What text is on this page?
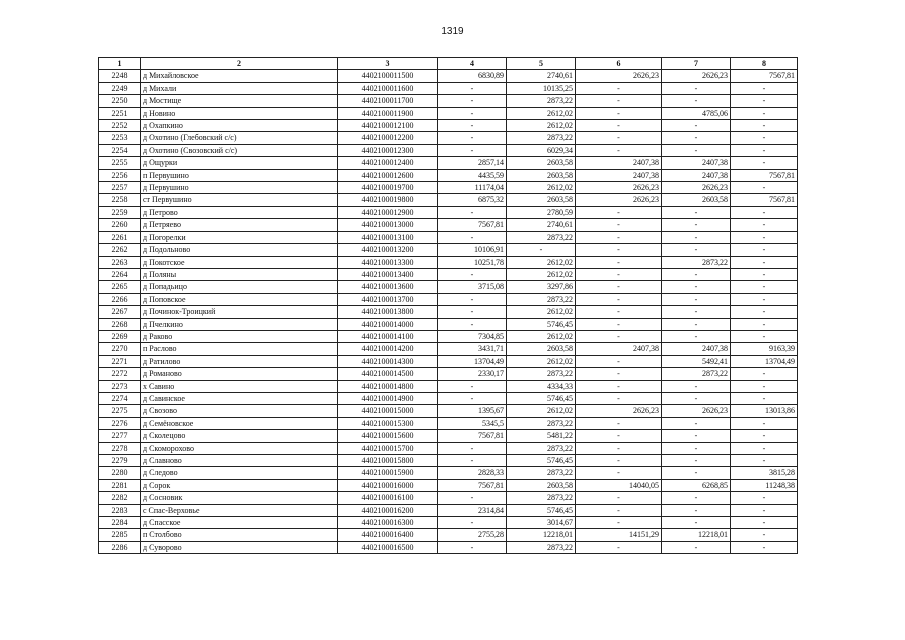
1319
1	2	3	4	5	6	7	8
2248	д Михайловское	4402100011500	6830,89	2740,61	2626,23	2626,23	7567,81
2249	д Михали	4402100011600	-	10135,25	-	-	-
2250	д Мостище	4402100011700	-	2873,22	-	-	-
2251	д Новино	4402100011900	-	2612,02	-	4785,06	-
2252	д Охапкино	4402100012100	-	2612,02	-	-	-
2253	д Охотино (Глебовский с/с)	4402100012200	-	2873,22	-	-	-
2254	д Охотино (Свозовский с/с)	4402100012300	-	6029,34	-	-	-
2255	д Ощурки	4402100012400	2857,14	2603,58	2407,38	2407,38	-
2256	п Первушино	4402100012600	4435,59	2603,58	2407,38	2407,38	7567,81
2257	д Первушино	4402100019700	11174,04	2612,02	2626,23	2626,23	-
2258	ст Первушино	4402100019800	6875,32	2603,58	2626,23	2603,58	7567,81
2259	д Петрово	4402100012900	-	2780,59	-	-	-
2260	д Петряево	4402100013000	7567,81	2740,61	-	-	-
2261	д Погорелки	4402100013100	-	2873,22	-	-	-
2262	д Подольново	4402100013200	10106,91	-	-	-	-
2263	д Покотское	4402100013300	10251,78	2612,02	-	2873,22	-
2264	д Поляны	4402100013400	-	2612,02	-	-	-
2265	д Попадьицо	4402100013600	3715,08	3297,86	-	-	-
2266	д Поповское	4402100013700	-	2873,22	-	-	-
2267	д Починок-Троицкий	4402100013800	-	2612,02	-	-	-
2268	д Пчелкино	4402100014000	-	5746,45	-	-	-
2269	д Раково	4402100014100	7304,85	2612,02	-	-	-
2270	п Раслово	4402100014200	3431,71	2603,58	2407,38	2407,38	9163,39
2271	д Ратилово	4402100014300	13704,49	2612,02	-	5492,41	13704,49
2272	д Романово	4402100014500	2330,17	2873,22	-	2873,22	-
2273	х Савино	4402100014800	-	4334,33	-	-	-
2274	д Савинское	4402100014900	-	5746,45	-	-	-
2275	д Свозово	4402100015000	1395,67	2612,02	2626,23	2626,23	13013,86
2276	д Семёновское	4402100015300	5345,5	2873,22	-	-	-
2277	д Сколецово	4402100015600	7567,81	5481,22	-	-	-
2278	д Скоморохово	4402100015700	-	2873,22	-	-	-
2279	д Славново	4402100015800	-	5746,45	-	-	-
2280	д Следово	4402100015900	2828,33	2873,22	-	-	3815,28
2281	д Сорок	4402100016000	7567,81	2603,58	14040,05	6268,85	11248,38
2282	д Сосновик	4402100016100	-	2873,22	-	-	-
2283	с Спас-Верховье	4402100016200	2314,84	5746,45	-	-	-
2284	д Спасское	4402100016300	-	3014,67	-	-	-
2285	п Столбово	4402100016400	2755,28	12218,01	14151,29	12218,01	-
2286	д Суворово	4402100016500	-	2873,22	-	-	-
